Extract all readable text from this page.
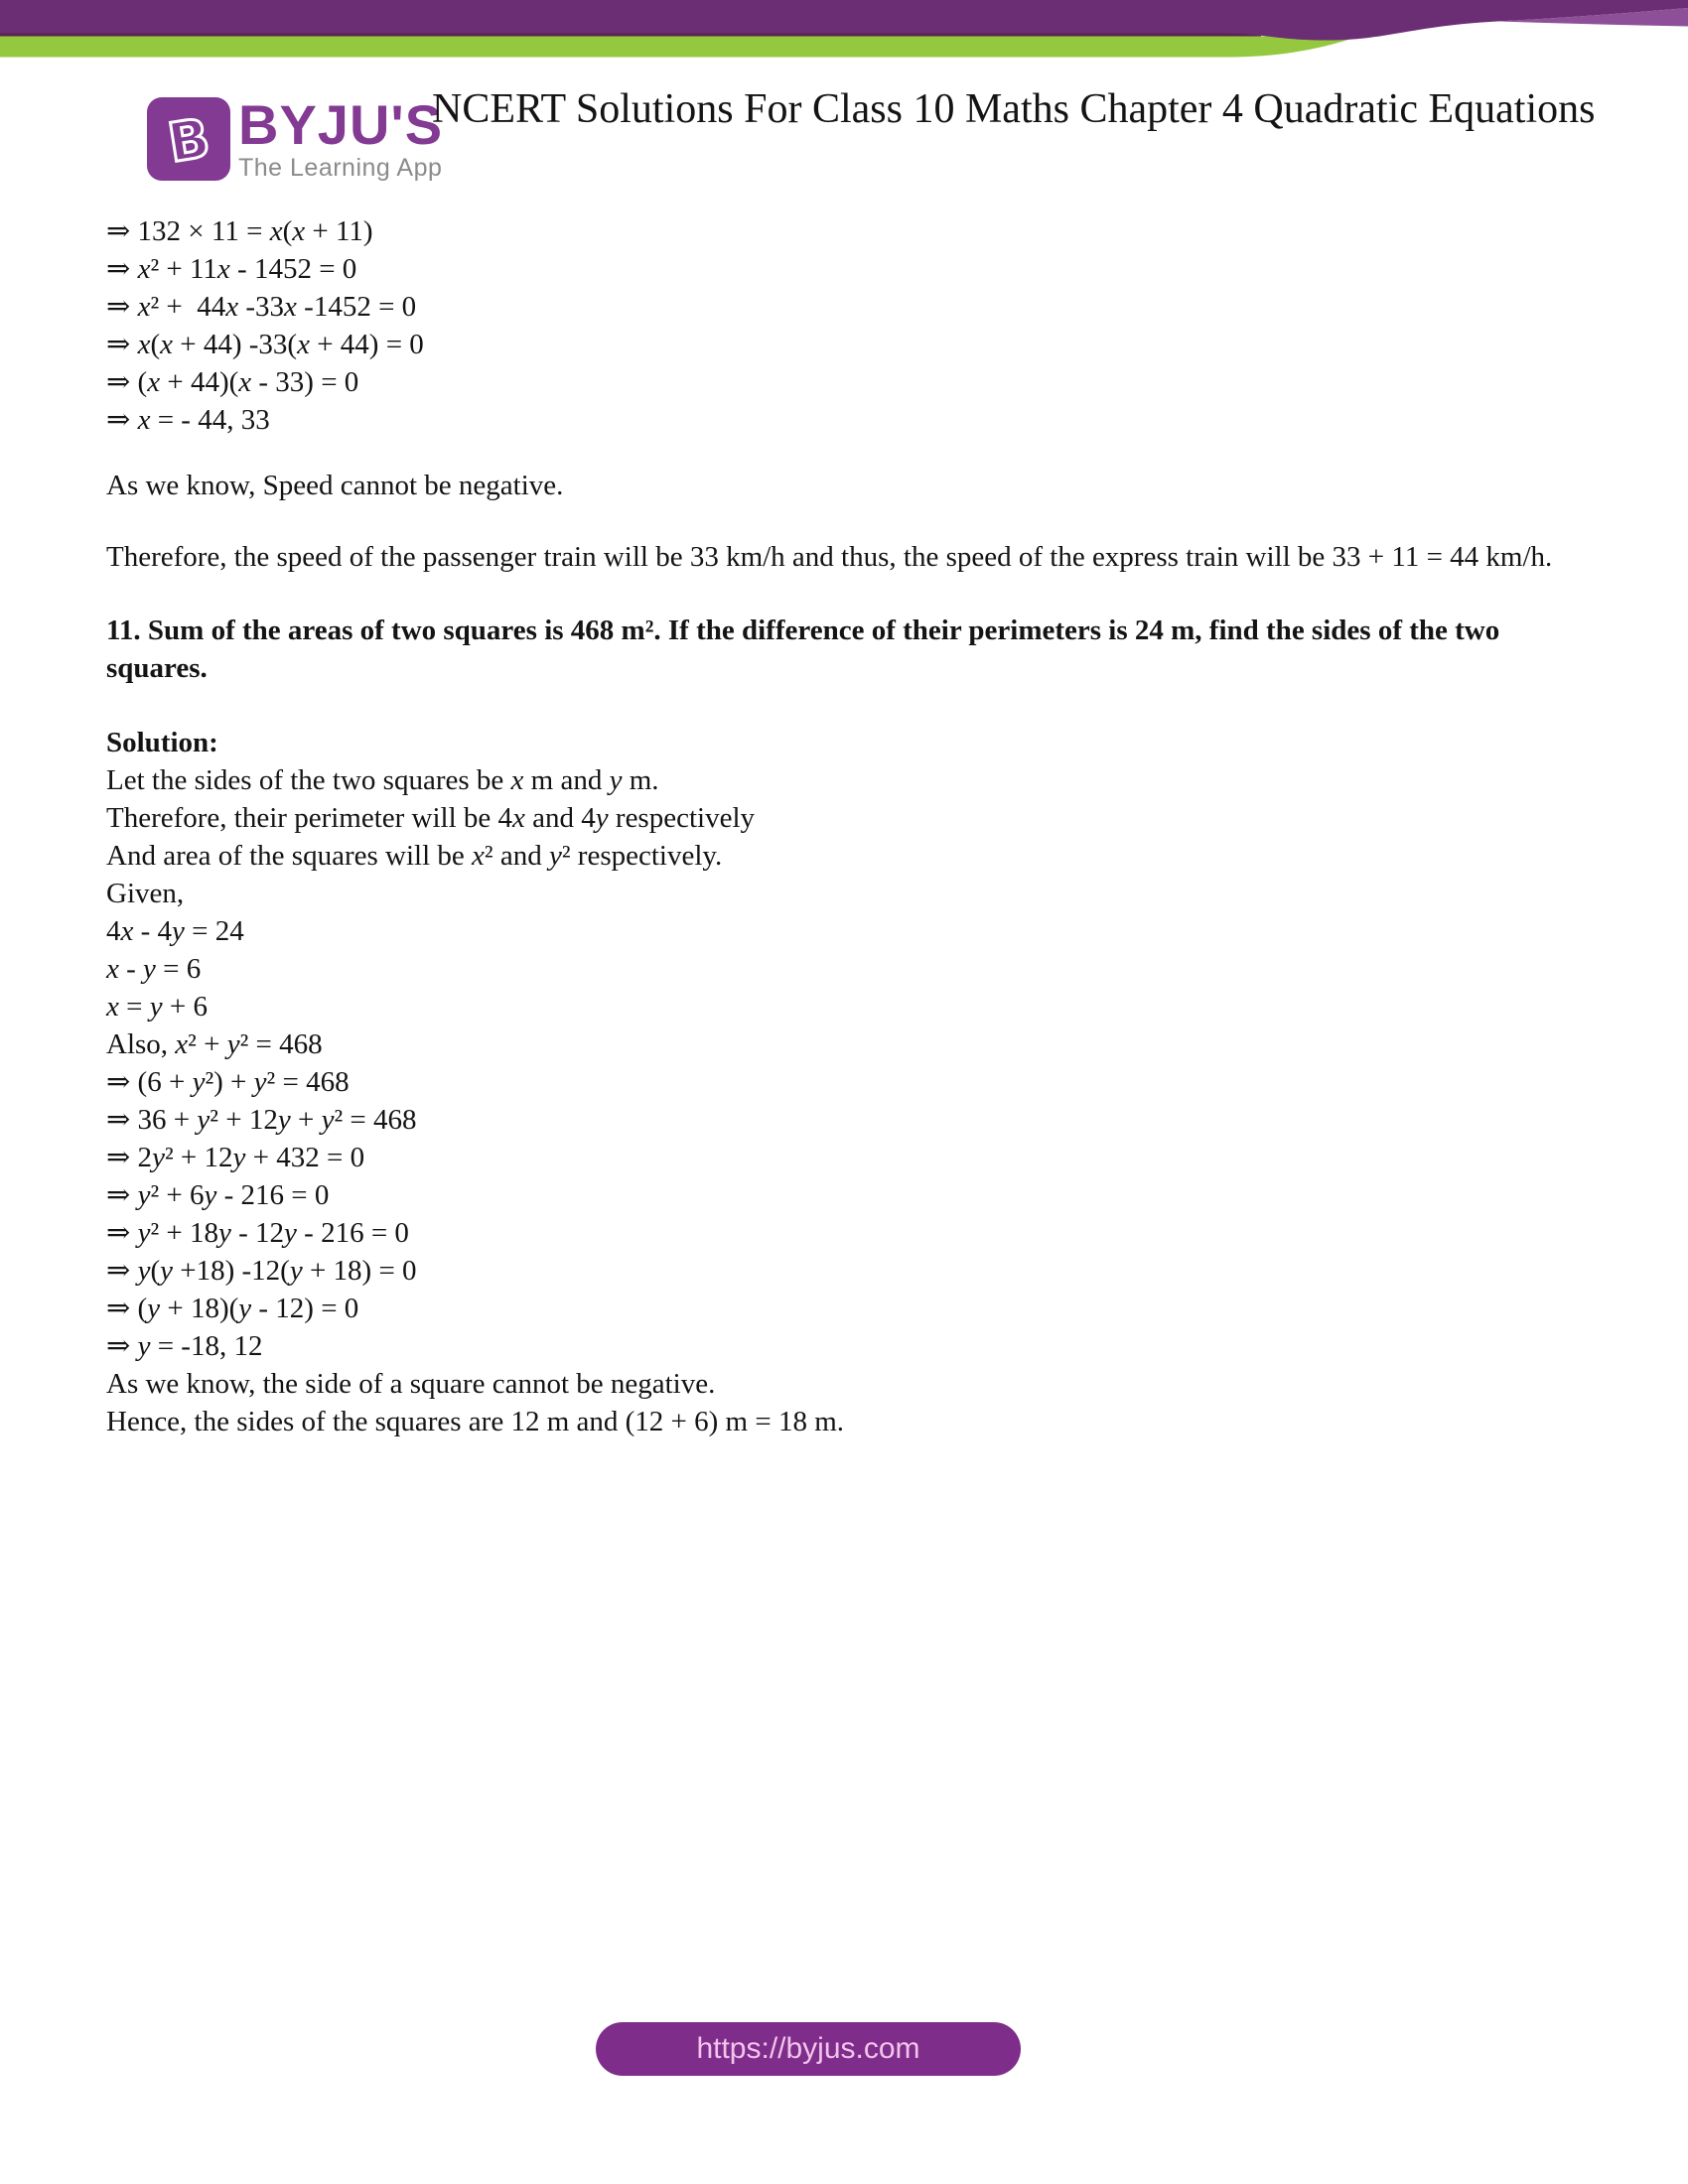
B BYJU'S
The Learning App
NCERT Solutions For Class 10 Maths Chapter 4 Quadratic Equations
⇒ 132 × 11 = x(x + 11)
⇒ x² + 11x - 1452 = 0
⇒ x² +  44x -33x -1452 = 0
⇒ x(x + 44) -33(x + 44) = 0
⇒ (x + 44)(x - 33) = 0
⇒ x = - 44, 33
As we know, Speed cannot be negative.
Therefore, the speed of the passenger train will be 33 km/h and thus, the speed of the express train will be 33 + 11 = 44 km/h.
11. Sum of the areas of two squares is 468 m². If the difference of their perimeters is 24 m, find the sides of the two squares.
Solution:
Let the sides of the two squares be x m and y m.
Therefore, their perimeter will be 4x and 4y respectively
And area of the squares will be x² and y² respectively.
Given,
4x - 4y = 24
x - y = 6
x = y + 6
Also, x² + y² = 468
⇒ (6 + y²) + y² = 468
⇒ 36 + y² + 12y + y² = 468
⇒ 2y² + 12y + 432 = 0
⇒ y² + 6y - 216 = 0
⇒ y² + 18y - 12y - 216 = 0
⇒ y(y +18) -12(y + 18) = 0
⇒ (y + 18)(y - 12) = 0
⇒ y = -18, 12
As we know, the side of a square cannot be negative.
Hence, the sides of the squares are 12 m and (12 + 6) m = 18 m.
https://byjus.com
